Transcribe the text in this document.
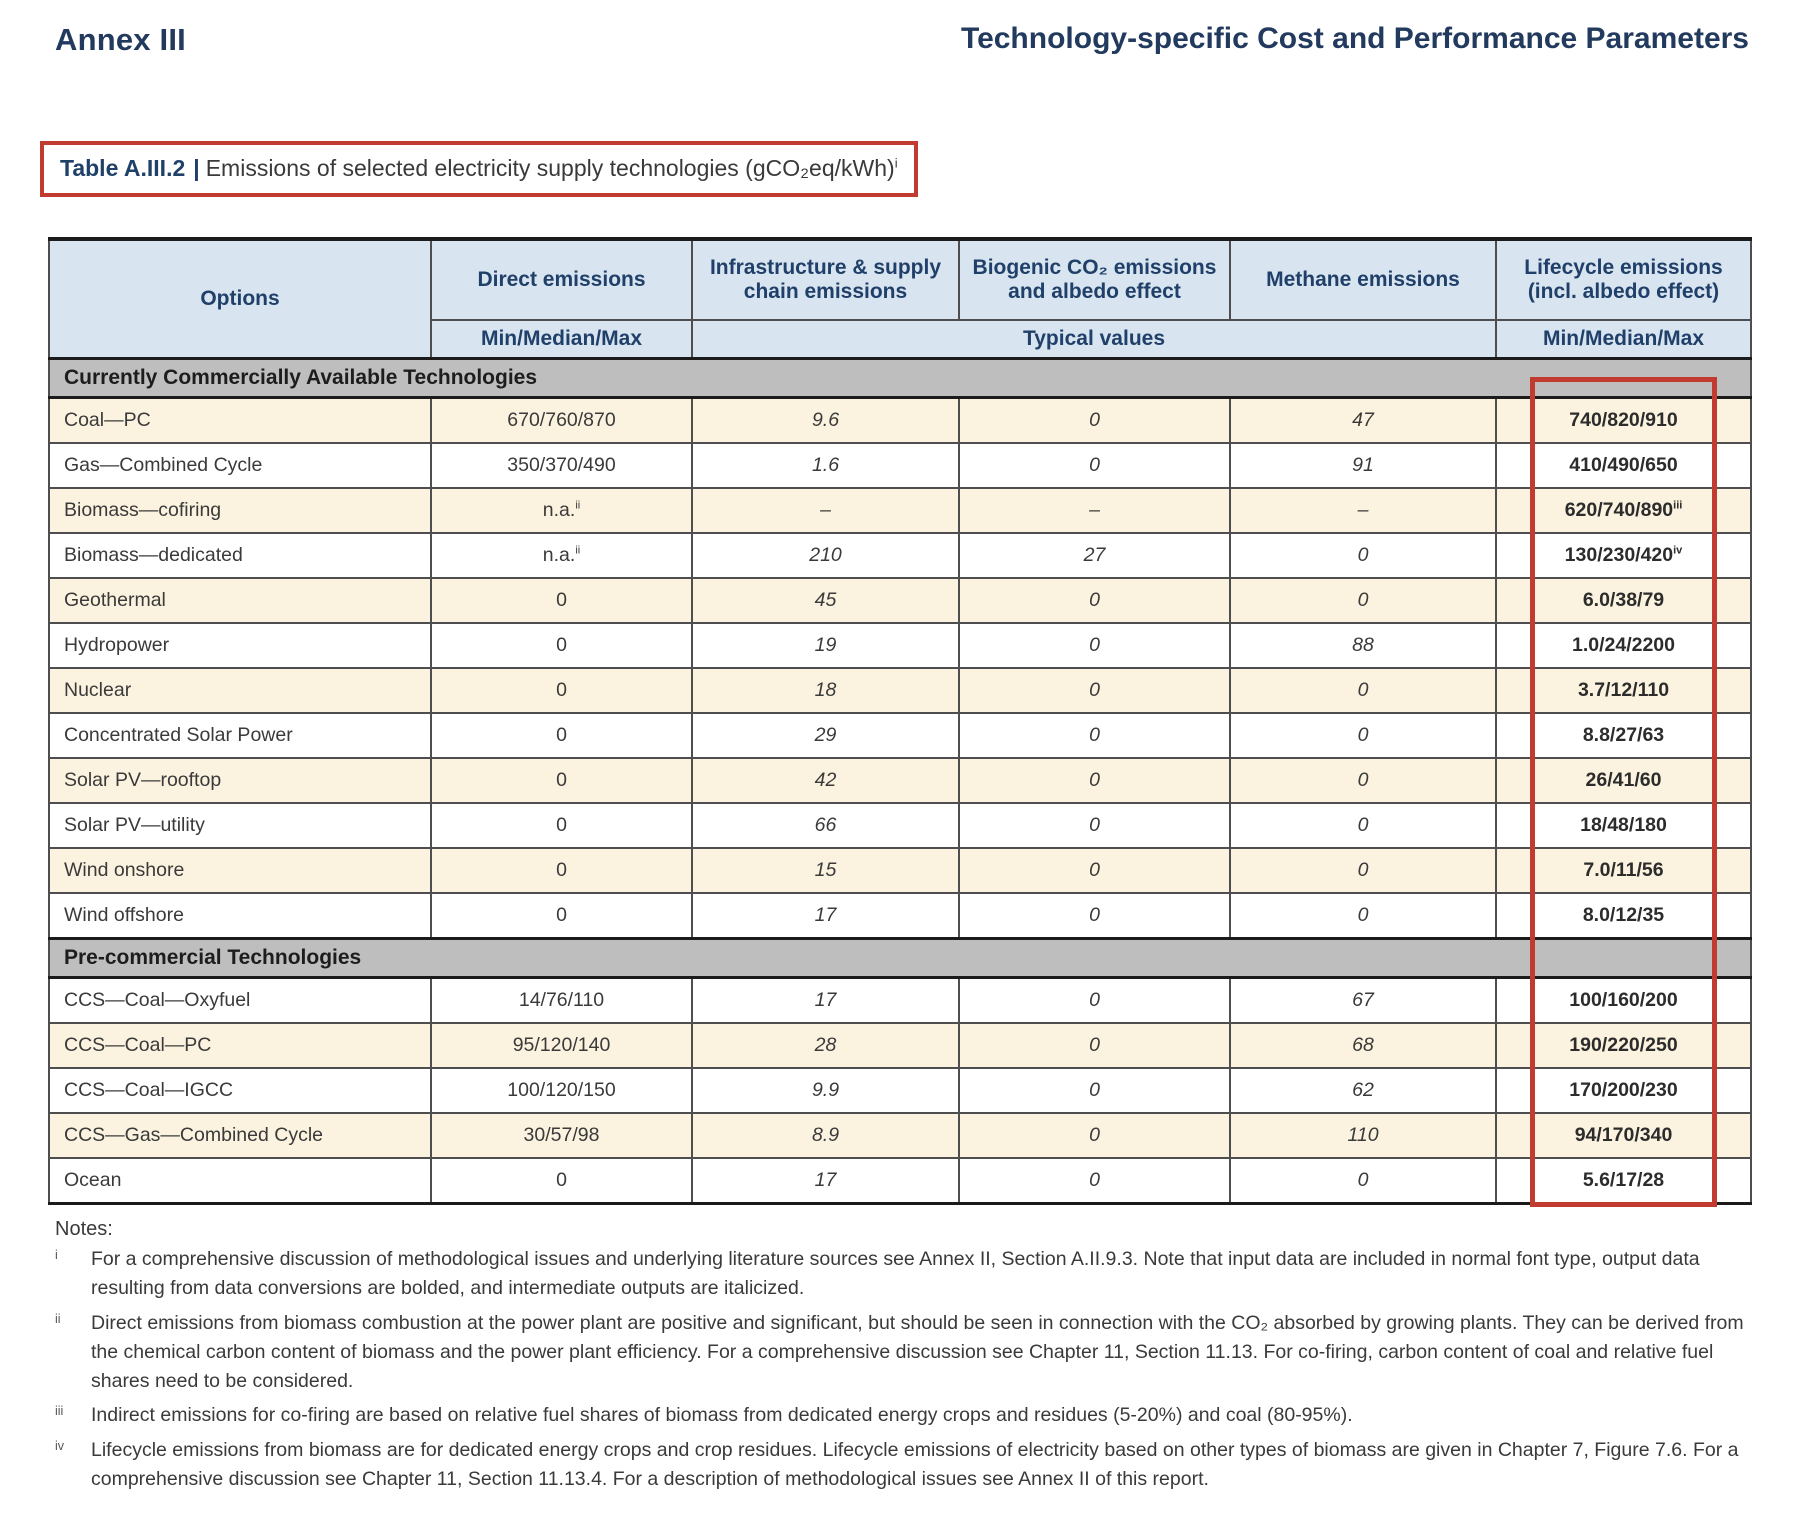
Annex III	Technology-specific Cost and Performance Parameters
Table A.III.2 | Emissions of selected electricity supply technologies $(gCO_2eq/kWh)^i$
Options	Direct emissions	Infrastructure & supply chain emissions	Biogenic CO₂ emissions and albedo effect	Methane emissions	Lifecycle emissions (incl. albedo effect)
	Min/Median/Max	Typical values			Min/Median/Max
Currently Commercially Available Technologies					
Coal—PC	670/760/870	9.6	0	47	740/820/910
Gas—Combined Cycle	350/370/490	1.6	0	91	410/490/650
Biomass—cofiring	n.a.$^{ii}$	–	–	–	620/740/890$^{iii}$
Biomass—dedicated	n.a.$^{ii}$	210	27	0	130/230/420$^{iv}$
Geothermal	0	45	0	0	6.0/38/79
Hydropower	0	19	0	88	1.0/24/2200
Nuclear	0	18	0	0	3.7/12/110
Concentrated Solar Power	0	29	0	0	8.8/27/63
Solar PV—rooftop	0	42	0	0	26/41/60
Solar PV—utility	0	66	0	0	18/48/180
Wind onshore	0	15	0	0	7.0/11/56
Wind offshore	0	17	0	0	8.0/12/35
Pre-commercial Technologies					
CCS—Coal—Oxyfuel	14/76/110	17	0	67	100/160/200
CCS—Coal—PC	95/120/140	28	0	68	190/220/250
CCS—Coal—IGCC	100/120/150	9.9	0	62	170/200/230
CCS—Gas—Combined Cycle	30/57/98	8.9	0	110	94/170/340
Ocean	0	17	0	0	5.6/17/28
Notes:
i	For a comprehensive discussion of methodological issues and underlying literature sources see Annex II, Section A.II.9.3. Note that input data are included in normal font type, output data resulting from data conversions are bolded, and intermediate outputs are italicized.
ii	Direct emissions from biomass combustion at the power plant are positive and significant, but should be seen in connection with the CO₂ absorbed by growing plants. They can be derived from the chemical carbon content of biomass and the power plant efficiency. For a comprehensive discussion see Chapter 11, Section 11.13. For co-firing, carbon content of coal and relative fuel shares need to be considered.
iii	Indirect emissions for co-firing are based on relative fuel shares of biomass from dedicated energy crops and residues (5-20%) and coal (80-95%).
iv	Lifecycle emissions from biomass are for dedicated energy crops and crop residues. Lifecycle emissions of electricity based on other types of biomass are given in Chapter 7, Figure 7.6. For a comprehensive discussion see Chapter 11, Section 11.13.4. For a description of methodological issues see Annex II of this report.
